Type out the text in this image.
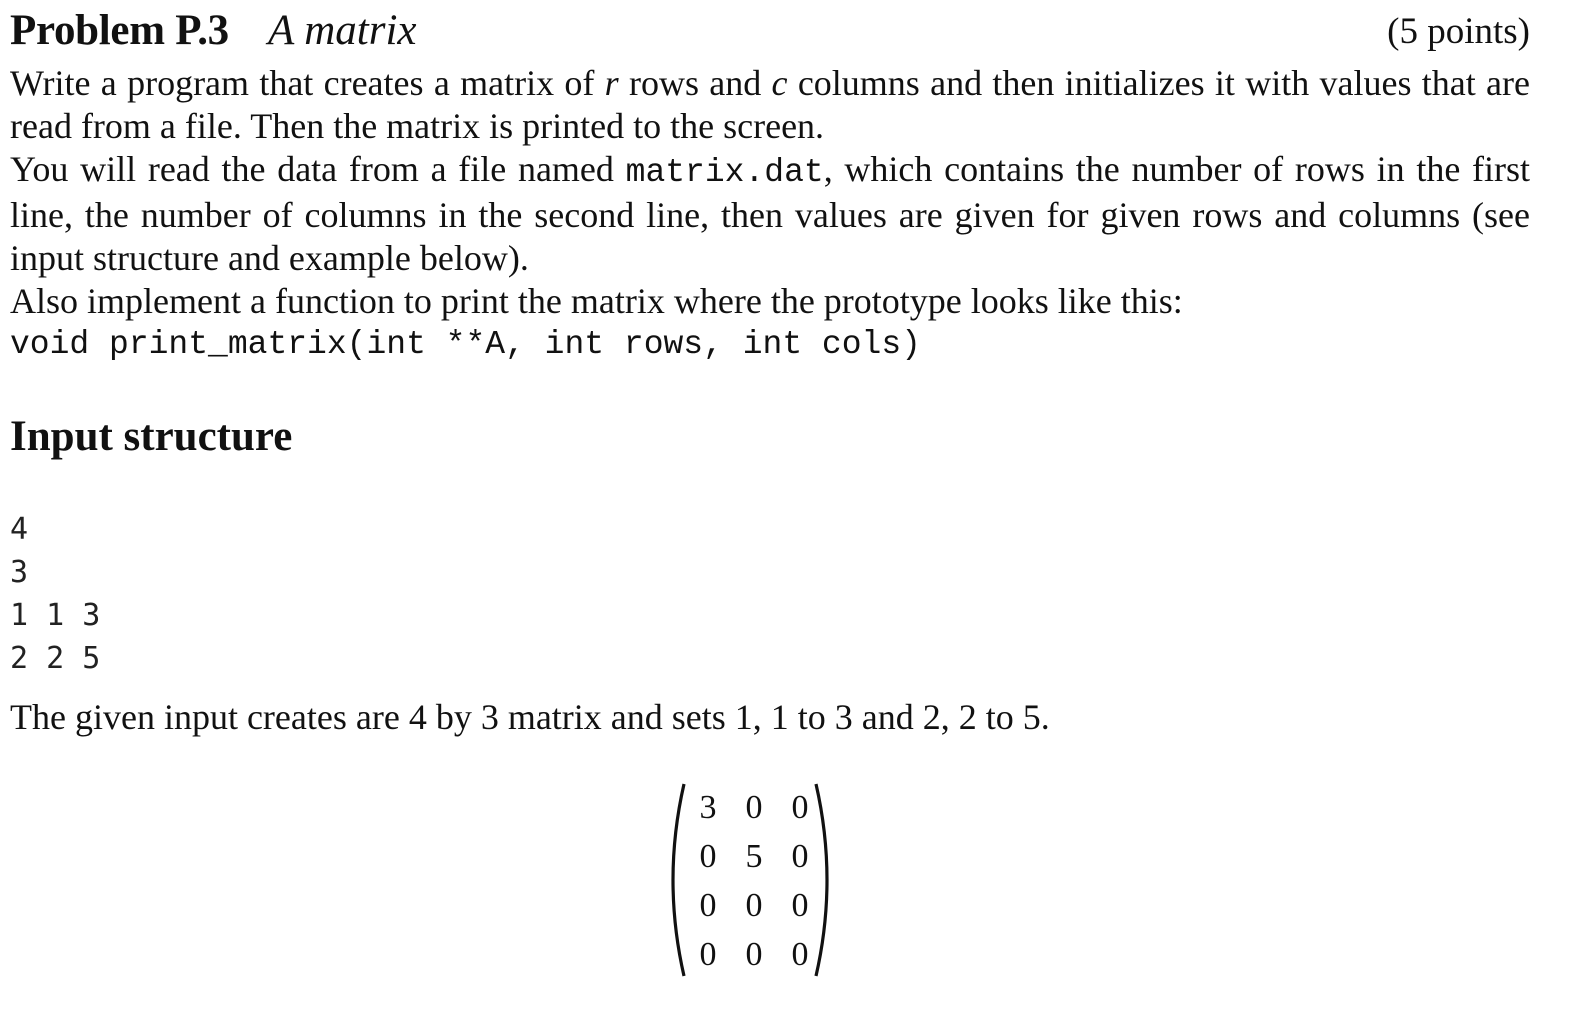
Problem P.3 A matrix	(5 points)

Write a program that creates a matrix of r rows and c columns and then initializes it with values that are read from a file. Then the matrix is printed to the screen.

You will read the data from a file named matrix.dat, which contains the number of rows in the first line, the number of columns in the second line, then values are given for given rows and columns (see input structure and example below).

Also implement a function to print the matrix where the prototype looks like this:

void print_matrix(int **A, int rows, int cols)

Input structure
4
3
1 1 3
2 2 5
The given input creates are 4 by 3 matrix and sets 1, 1 to 3 and 2, 2 to 5.
3 0 0
0 5 0
0 0 0
0 0 0
